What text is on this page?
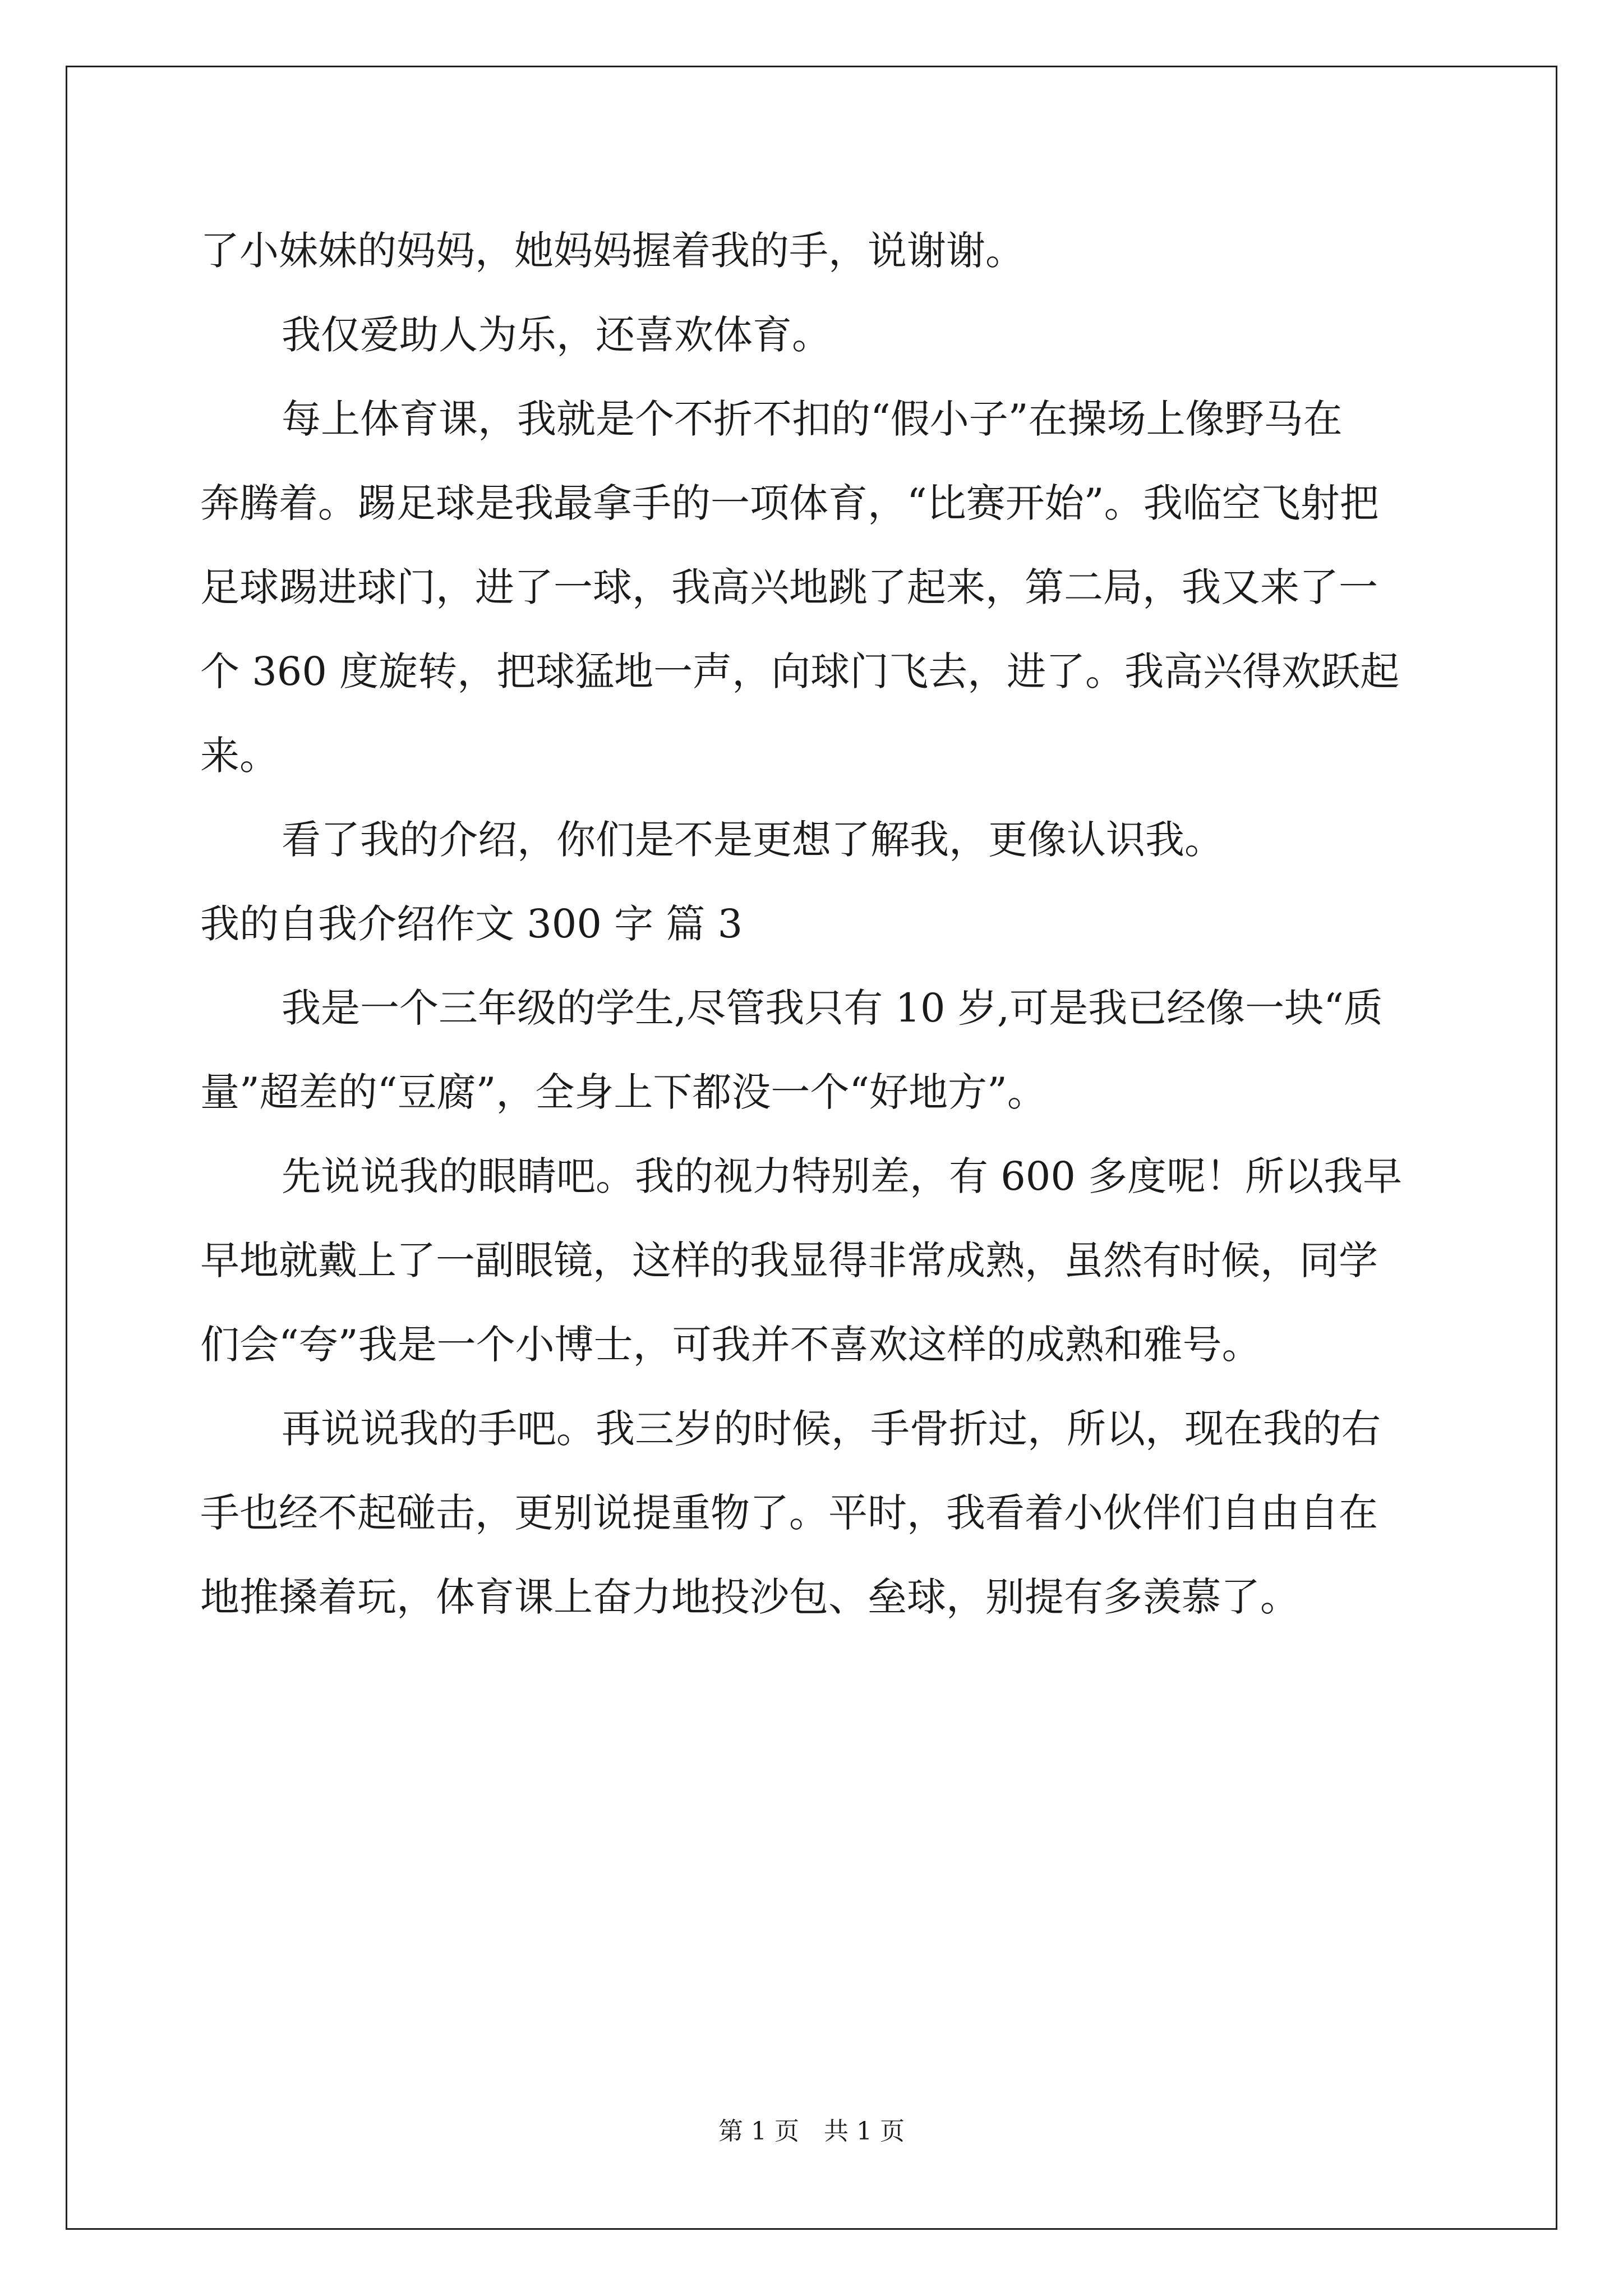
了小妹妹的妈妈，她妈妈握着我的手，说谢谢。
我仅爱助人为乐，还喜欢体育。
每上体育课，我就是个不折不扣的“假小子”在操场上像野马在
奔腾着。踢足球是我最拿手的一项体育，“比赛开始”。我临空飞射把
足球踢进球门，进了一球，我高兴地跳了起来，第二局，我又来了一
个 360 度旋转，把球猛地一声，向球门飞去，进了。我高兴得欢跃起
来。
看了我的介绍，你们是不是更想了解我，更像认识我。
我的自我介绍作文 300 字 篇 3
我是一个三年级的学生,尽管我只有 10 岁,可是我已经像一块“质
量”超差的“豆腐”，全身上下都没一个“好地方”。
先说说我的眼睛吧。我的视力特别差，有 600 多度呢！所以我早
早地就戴上了一副眼镜，这样的我显得非常成熟，虽然有时候，同学
们会“夸”我是一个小博士，可我并不喜欢这样的成熟和雅号。
再说说我的手吧。我三岁的时候，手骨折过，所以，现在我的右
手也经不起碰击，更别说提重物了。平时，我看着小伙伴们自由自在
地推搡着玩，体育课上奋力地投沙包、垒球，别提有多羡慕了。
第 1 页　共 1 页
